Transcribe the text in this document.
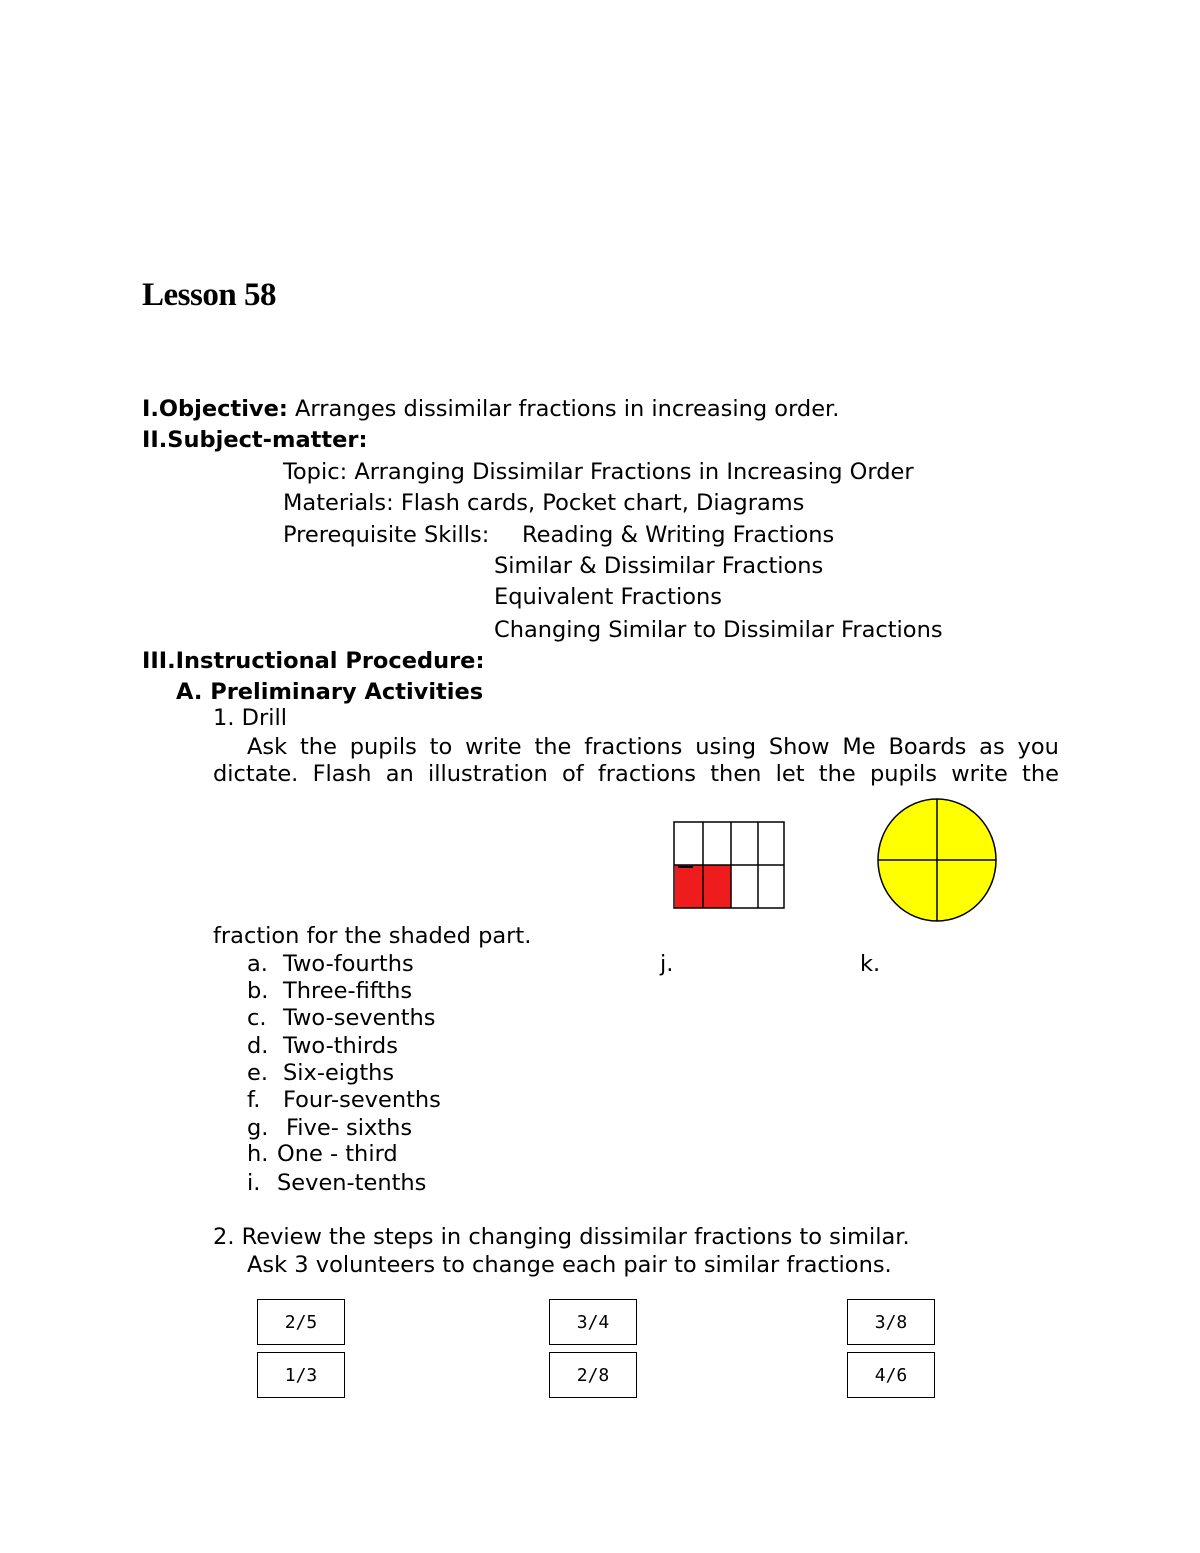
Lesson 58
I.Objective: Arranges dissimilar fractions in increasing order.
II.Subject-matter:
Topic: Arranging Dissimilar Fractions in Increasing Order
Materials: Flash cards, Pocket chart, Diagrams
Prerequisite Skills: Reading & Writing Fractions
Similar & Dissimilar Fractions
Equivalent Fractions
Changing Similar to Dissimilar Fractions
III.Instructional Procedure:
A. Preliminary Activities
1. Drill
Ask the pupils to write the fractions using Show Me Boards as you
dictate. Flash an illustration of fractions then let the pupils write the
fraction for the shaded part.
a. Two-fourths
b. Three-fifths
c. Two-sevenths
d. Two-thirds
e. Six-eigths
f. Four-sevenths
g. Five- sixths
h. One - third
i. Seven-tenths
j.	k.
2. Review the steps in changing dissimilar fractions to similar.
Ask 3 volunteers to change each pair to similar fractions.
2/5
1/3
3/4
2/8
3/8
4/6
